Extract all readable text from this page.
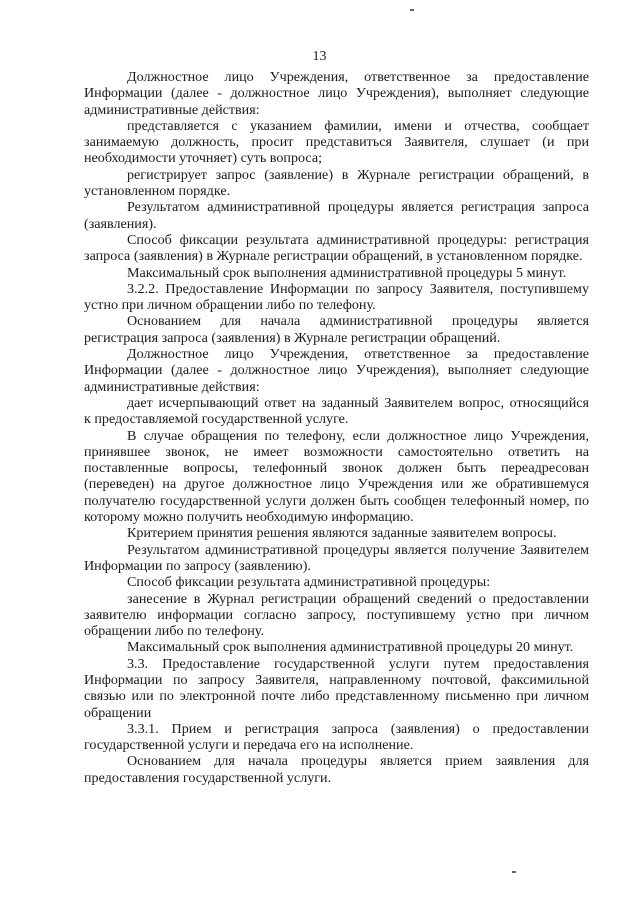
13

Должностное лицо Учреждения, ответственное за предоставление
Информации (далее - должностное лицо Учреждения), выполняет следующие
административные действия:

представляется с указанием фамилии, имени и отчества, сообщает
занимаемую должность, просит представиться Заявителя, слушает (и при
необходимости уточняет) суть вопроса;

регистрирует запрос (заявление) в Журнале регистрации обращений, в
установленном порядке.

Результатом административной процедуры является регистрация запроса
(заявления).

Способ фиксации результата административной процедуры: регистрация
запроса (заявления) в Журнале регистрации обращений, в установленном порядке.

Максимальный срок выполнения административной процедуры 5 минут.

3.2.2. Предоставление Информации по запросу Заявителя, поступившему
устно при личном обращении либо по телефону.

Основанием для начала административной процедуры является
регистрация запроса (заявления) в Журнале регистрации обращений.

Должностное лицо Учреждения, ответственное за предоставление
Информации (далее - должностное лицо Учреждения), выполняет следующие
административные действия:

дает исчерпывающий ответ на заданный Заявителем вопрос, относящийся
к предоставляемой государственной услуге.

В случае обращения по телефону, если должностное лицо Учреждения,
принявшее звонок, не имеет возможности самостоятельно ответить на
поставленные вопросы, телефонный звонок должен быть переадресован
(переведен) на другое должностное лицо Учреждения или же обратившемуся
получателю государственной услуги должен быть сообщен телефонный номер, по
которому можно получить необходимую информацию.

Критерием принятия решения являются заданные заявителем вопросы.

Результатом административной процедуры является получение Заявителем
Информации по запросу (заявлению).

Способ фиксации результата административной процедуры:

занесение в Журнал регистрации обращений сведений о предоставлении
заявителю информации согласно запросу, поступившему устно при личном
обращении либо по телефону.

Максимальный срок выполнения административной процедуры 20 минут.

3.3. Предоставление государственной услуги путем предоставления
Информации по запросу Заявителя, направленному почтовой, факсимильной
связью или по электронной почте либо представленному письменно при личном
обращении

3.3.1. Прием и регистрация запроса (заявления) о предоставлении
государственной услуги и передача его на исполнение.

Основанием для начала процедуры является прием заявления для
предоставления государственной услуги.
